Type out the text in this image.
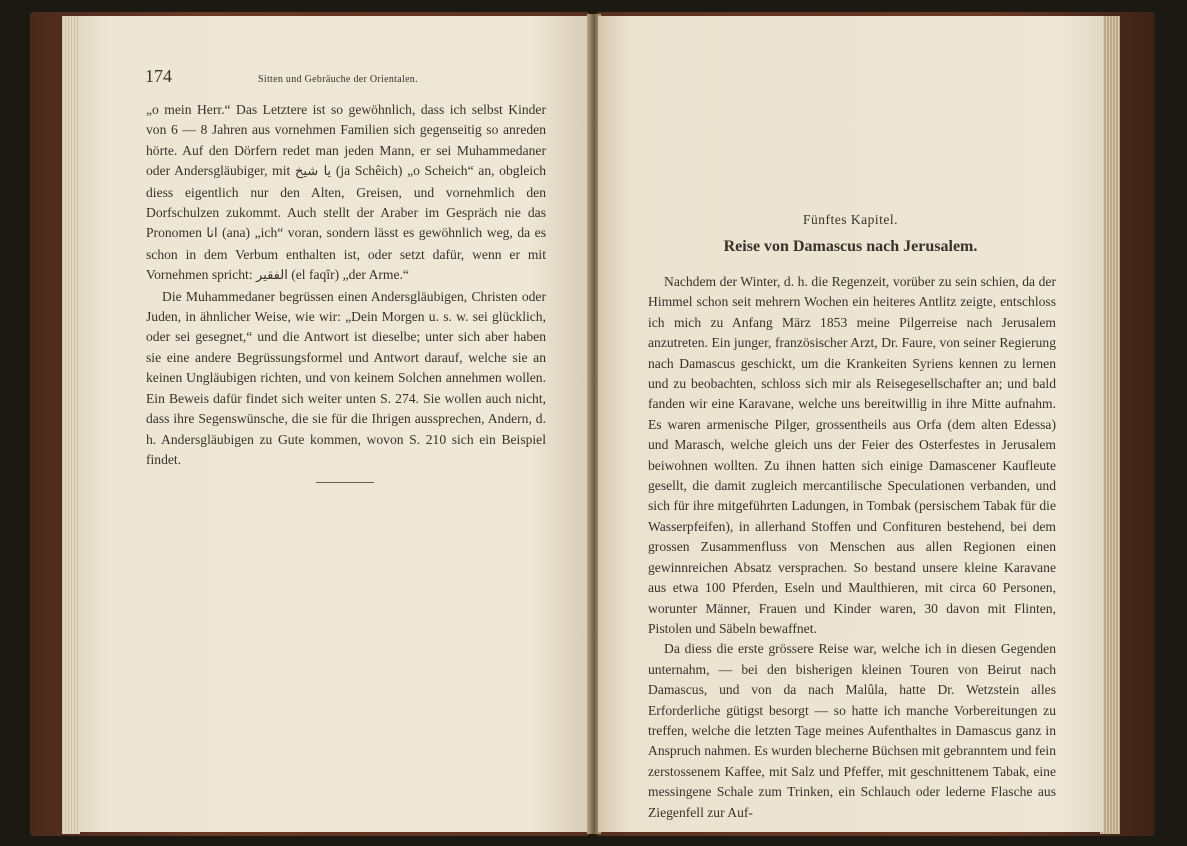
174	Sitten und Gebräuche der Orientalen.

„o mein Herr.“ Das Letztere ist so gewöhnlich, dass ich selbst Kinder von 6 — 8 Jahren aus vornehmen Familien sich gegenseitig so anreden hörte. Auf den Dörfern redet man jeden Mann, er sei Muhammedaner oder Andersgläubiger, mit يا شيخ (ja Schêich) „o Scheich“ an, obgleich diess eigentlich nur den Alten, Greisen, und vornehmlich den Dorfschulzen zukommt. Auch stellt der Araber im Gespräch nie das Pronomen انا (ana) „ich“ voran, sondern lässt es gewöhnlich weg, da es schon in dem Verbum enthalten ist, oder setzt dafür, wenn er mit Vornehmen spricht: الفقير (el faqîr) „der Arme.“

Die Muhammedaner begrüssen einen Andersgläubigen, Christen oder Juden, in ähnlicher Weise, wie wir: „Dein Morgen u. s. w. sei glücklich, oder sei gesegnet,“ und die Antwort ist dieselbe; unter sich aber haben sie eine andere Begrüssungsformel und Antwort darauf, welche sie an keinen Ungläubigen richten, und von keinem Solchen annehmen wollen. Ein Beweis dafür findet sich weiter unten S. 274. Sie wollen auch nicht, dass ihre Segenswünsche, die sie für die Ihrigen aussprechen, Andern, d. h. Andersgläubigen zu Gute kommen, wovon S. 210 sich ein Beispiel findet.

Fünftes Kapitel.
Reise von Damascus nach Jerusalem.

Nachdem der Winter, d. h. die Regenzeit, vorüber zu sein schien, da der Himmel schon seit mehrern Wochen ein heiteres Antlitz zeigte, entschloss ich mich zu Anfang März 1853 meine Pilgerreise nach Jerusalem anzutreten. Ein junger, französischer Arzt, Dr. Faure, von seiner Regierung nach Damascus geschickt, um die Krankeiten Syriens kennen zu lernen und zu beobachten, schloss sich mir als Reisegesellschafter an; und bald fanden wir eine Karavane, welche uns bereitwillig in ihre Mitte aufnahm. Es waren armenische Pilger, grossentheils aus Orfa (dem alten Edessa) und Marasch, welche gleich uns der Feier des Osterfestes in Jerusalem beiwohnen wollten. Zu ihnen hatten sich einige Damascener Kaufleute gesellt, die damit zugleich mercantilische Speculationen verbanden, und sich für ihre mitgeführten Ladungen, in Tombak (persischem Tabak für die Wasserpfeifen), in allerhand Stoffen und Confituren bestehend, bei dem grossen Zusammenfluss von Menschen aus allen Regionen einen gewinnreichen Absatz versprachen. So bestand unsere kleine Karavane aus etwa 100 Pferden, Eseln und Maulthieren, mit circa 60 Personen, worunter Männer, Frauen und Kinder waren, 30 davon mit Flinten, Pistolen und Säbeln bewaffnet.

Da diess die erste grössere Reise war, welche ich in diesen Gegenden unternahm, — bei den bisherigen kleinen Touren von Beirut nach Damascus, und von da nach Malûla, hatte Dr. Wetzstein alles Erforderliche gütigst besorgt — so hatte ich manche Vorbereitungen zu treffen, welche die letzten Tage meines Aufenthaltes in Damascus ganz in Anspruch nahmen. Es wurden blecherne Büchsen mit gebranntem und fein zerstossenem Kaffee, mit Salz und Pfeffer, mit geschnittenem Tabak, eine messingene Schale zum Trinken, ein Schlauch oder lederne Flasche aus Ziegenfell zur Auf-
